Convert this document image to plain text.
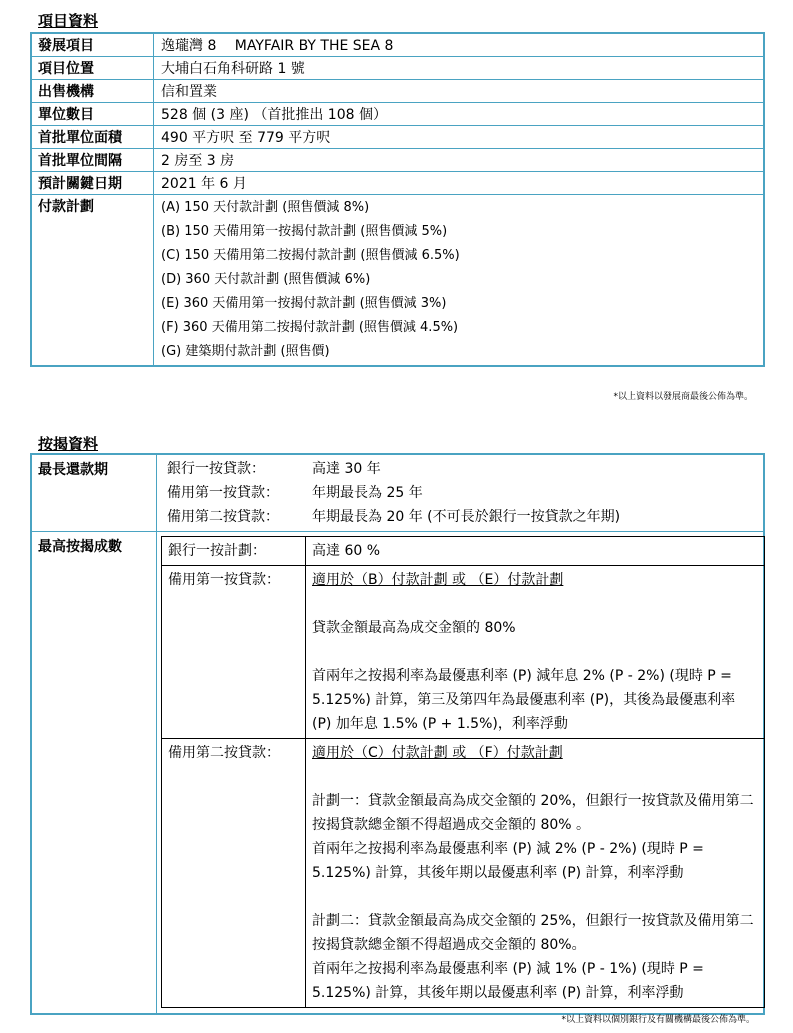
項目資料
發展項目	逸瓏灣 8　 MAYFAIR BY THE SEA 8
項目位置	大埔白石角科研路 1 號
出售機構	信和置業
單位數目	528 個 (3 座) （首批推出 108 個）
首批單位面積	490 平方呎 至 779 平方呎
首批單位間隔	2 房至 3 房
預計關鍵日期	2021 年 6 月
付款計劃	(A) 150 天付款計劃 (照售價減 8%)
(B) 150 天備用第一按揭付款計劃 (照售價減 5%)
(C) 150 天備用第二按揭付款計劃 (照售價減 6.5%)
(D) 360 天付款計劃 (照售價減 6%)
(E) 360 天備用第一按揭付款計劃 (照售價減 3%)
(F) 360 天備用第二按揭付款計劃 (照售價減 4.5%)
(G) 建築期付款計劃 (照售價)
*以上資料以發展商最後公佈為準。
按揭資料
最長還款期	銀行一按貸款：	高達 30 年
備用第一按貸款：	年期最長為 25 年
備用第二按貸款：	年期最長為 20 年 (不可長於銀行一按貸款之年期)
最高按揭成數	銀行一按計劃：	高達 60 %
備用第一按貸款：	適用於（B）付款計劃 或 （E）付款計劃
貸款金額最高為成交金額的 80%
首兩年之按揭利率為最優惠利率 (P) 減年息 2% (P - 2%) (現時 P = 5.125%) 計算，第三及第四年為最優惠利率 (P)，其後為最優惠利率 (P) 加年息 1.5% (P + 1.5%)，利率浮動

備用第二按貸款：	適用於（C）付款計劃 或 （F）付款計劃
計劃一：貸款金額最高為成交金額的 20%，但銀行一按貸款及備用第二按揭貸款總金額不得超過成交金額的 80% 。
首兩年之按揭利率為最優惠利率 (P) 減 2% (P - 2%) (現時 P = 5.125%) 計算，其後年期以最優惠利率 (P) 計算，利率浮動
計劃二：貸款金額最高為成交金額的 25%，但銀行一按貸款及備用第二按揭貸款總金額不得超過成交金額的 80%。
首兩年之按揭利率為最優惠利率 (P) 減 1% (P - 1%) (現時 P = 5.125%) 計算，其後年期以最優惠利率 (P) 計算，利率浮動
*以上資料以個別銀行及有關機構最後公佈為準。
